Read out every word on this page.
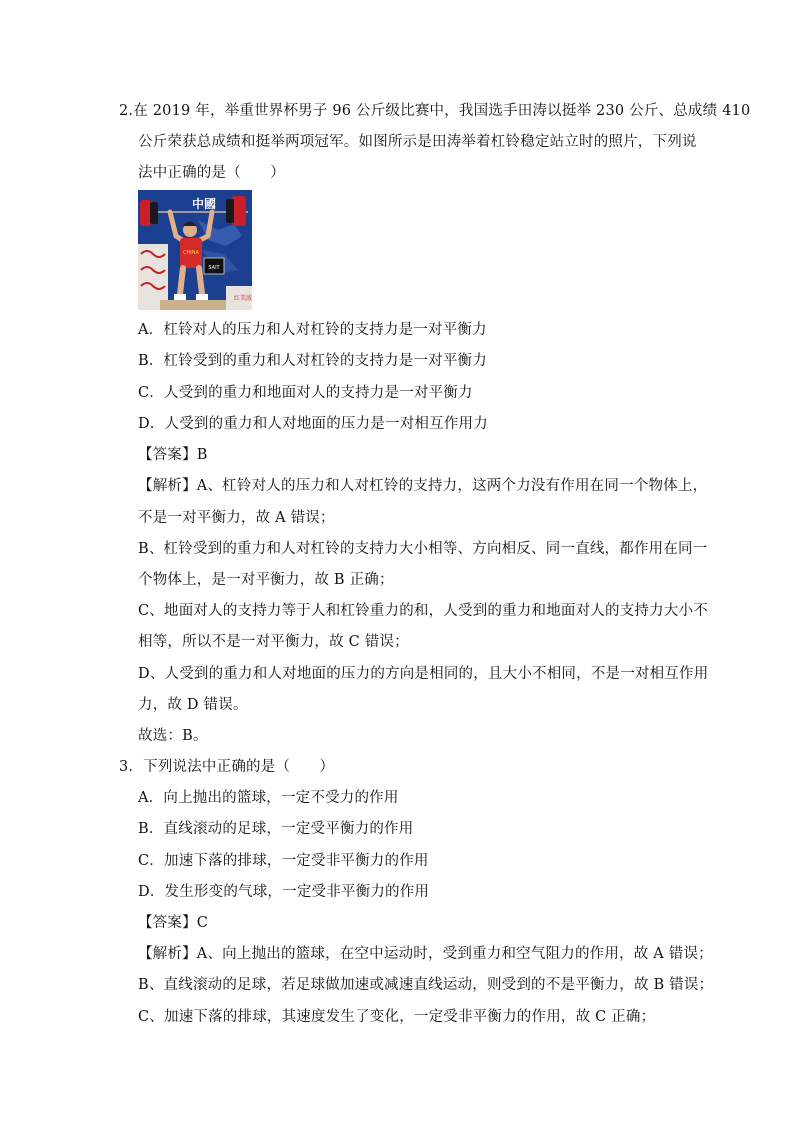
2.在 2019 年，举重世界杯男子 96 公斤级比赛中，我国选手田涛以挺举 230 公斤、总成绩 410
公斤荣获总成绩和挺举两项冠军。如图所示是田涛举着杠铃稳定站立时的照片，下列说
法中正确的是（　　）
SAIT
中國
CHINA
红美浓
A．杠铃对人的压力和人对杠铃的支持力是一对平衡力
B．杠铃受到的重力和人对杠铃的支持力是一对平衡力
C．人受到的重力和地面对人的支持力是一对平衡力
D．人受到的重力和人对地面的压力是一对相互作用力
【答案】B
【解析】A、杠铃对人的压力和人对杠铃的支持力，这两个力没有作用在同一个物体上，
不是一对平衡力，故 A 错误；
B、杠铃受到的重力和人对杠铃的支持力大小相等、方向相反、同一直线，都作用在同一
个物体上，是一对平衡力，故 B 正确；
C、地面对人的支持力等于人和杠铃重力的和，人受到的重力和地面对人的支持力大小不
相等，所以不是一对平衡力，故 C 错误；
D、人受到的重力和人对地面的压力的方向是相同的，且大小不相同，不是一对相互作用
力，故 D 错误。
故选：B。
3．下列说法中正确的是（　　）
A．向上抛出的篮球，一定不受力的作用
B．直线滚动的足球，一定受平衡力的作用
C．加速下落的排球，一定受非平衡力的作用
D．发生形变的气球，一定受非平衡力的作用
【答案】C
【解析】A、向上抛出的篮球，在空中运动时，受到重力和空气阻力的作用，故 A 错误；
B、直线滚动的足球，若足球做加速或减速直线运动，则受到的不是平衡力，故 B 错误；
C、加速下落的排球，其速度发生了变化，一定受非平衡力的作用，故 C 正确；
